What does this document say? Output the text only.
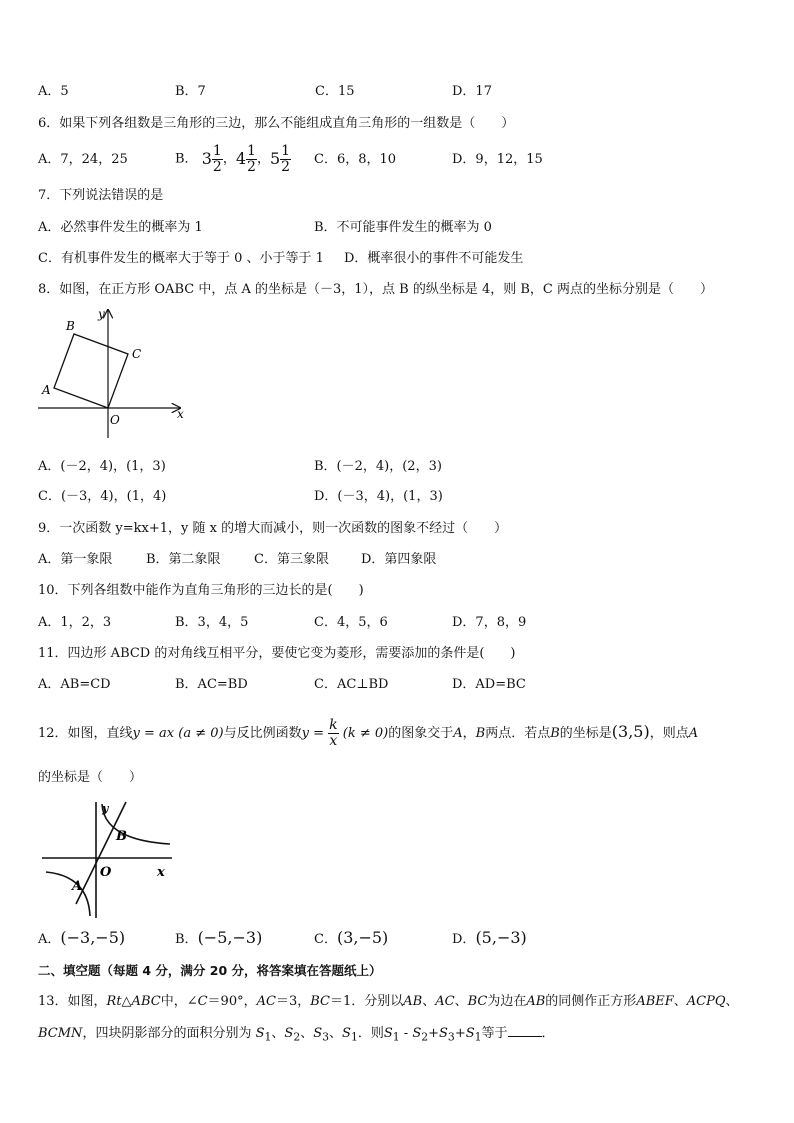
A．5	B．7	C．15	D．17
6．如果下列各组数是三角形的三边，那么不能组成直角三角形的一组数是（　　）
A．7，24，25	B． $3 \frac{1}{2}$ ，$4 \frac{1}{2}$ ，$5 \frac{1}{2}$ C．6，8，10	D．9，12，15
7．下列说法错误的是
A．必然事件发生的概率为 1	B．不可能事件发生的概率为 0
C．有机事件发生的概率大于等于 0 、小于等于 1 D．概率很小的事件不可能发生
8．如图，在正方形 OABC 中，点 A 的坐标是（－3，1），点 B 的纵坐标是 4，则 B，C 两点的坐标分别是（　　）
B
C
A
O	x
y
A．(－2，4)，(1，3)	B．(－2，4)，(2，3)
C．(－3，4)，(1，4)	D．(－3，4)，(1，3)
9．一次函数 y=kx+1，y 随 x 的增大而减小，则一次函数的图象不经过（　　）
A．第一象限	B．第二象限	C．第三象限 D．第四象限
10．下列各组数中能作为直角三角形的三边长的是(　　)
A．1，2，3	B．3，4，5	C．4，5，6	D．7，8，9
11．四边形 ABCD 的对角线互相平分，要使它变为菱形，需要添加的条件是(　　)
A．AB=CD	B．AC=BD	C．AC⊥BD	D．AD=BC
12．如图，直线y = ax (a ≠ 0)与反比例函数$y = \frac{k}{x} (k \ne 0)$的图象交于A，B两点．若点B的坐标是(3,5)，则点A
的坐标是（　　）
y
B
O	x
A
A．(−3,−5)	B．(−5,−3)	C．(3,−5)	D．(5,−3)
二、填空题（每题 4 分，满分 20 分，将答案填在答题纸上）
13．如图，Rt△ABC中，∠C＝90°，AC＝3，BC＝1．分别以AB、AC、BC为边在AB的同侧作正方形ABEF、ACPQ、
BCMN，四块阴影部分的面积分别为 $S_1$、$S_2$、$S_3$、$S_1$．则$S_1$ ‐ $S_2+S_3+S_1$等于	．
